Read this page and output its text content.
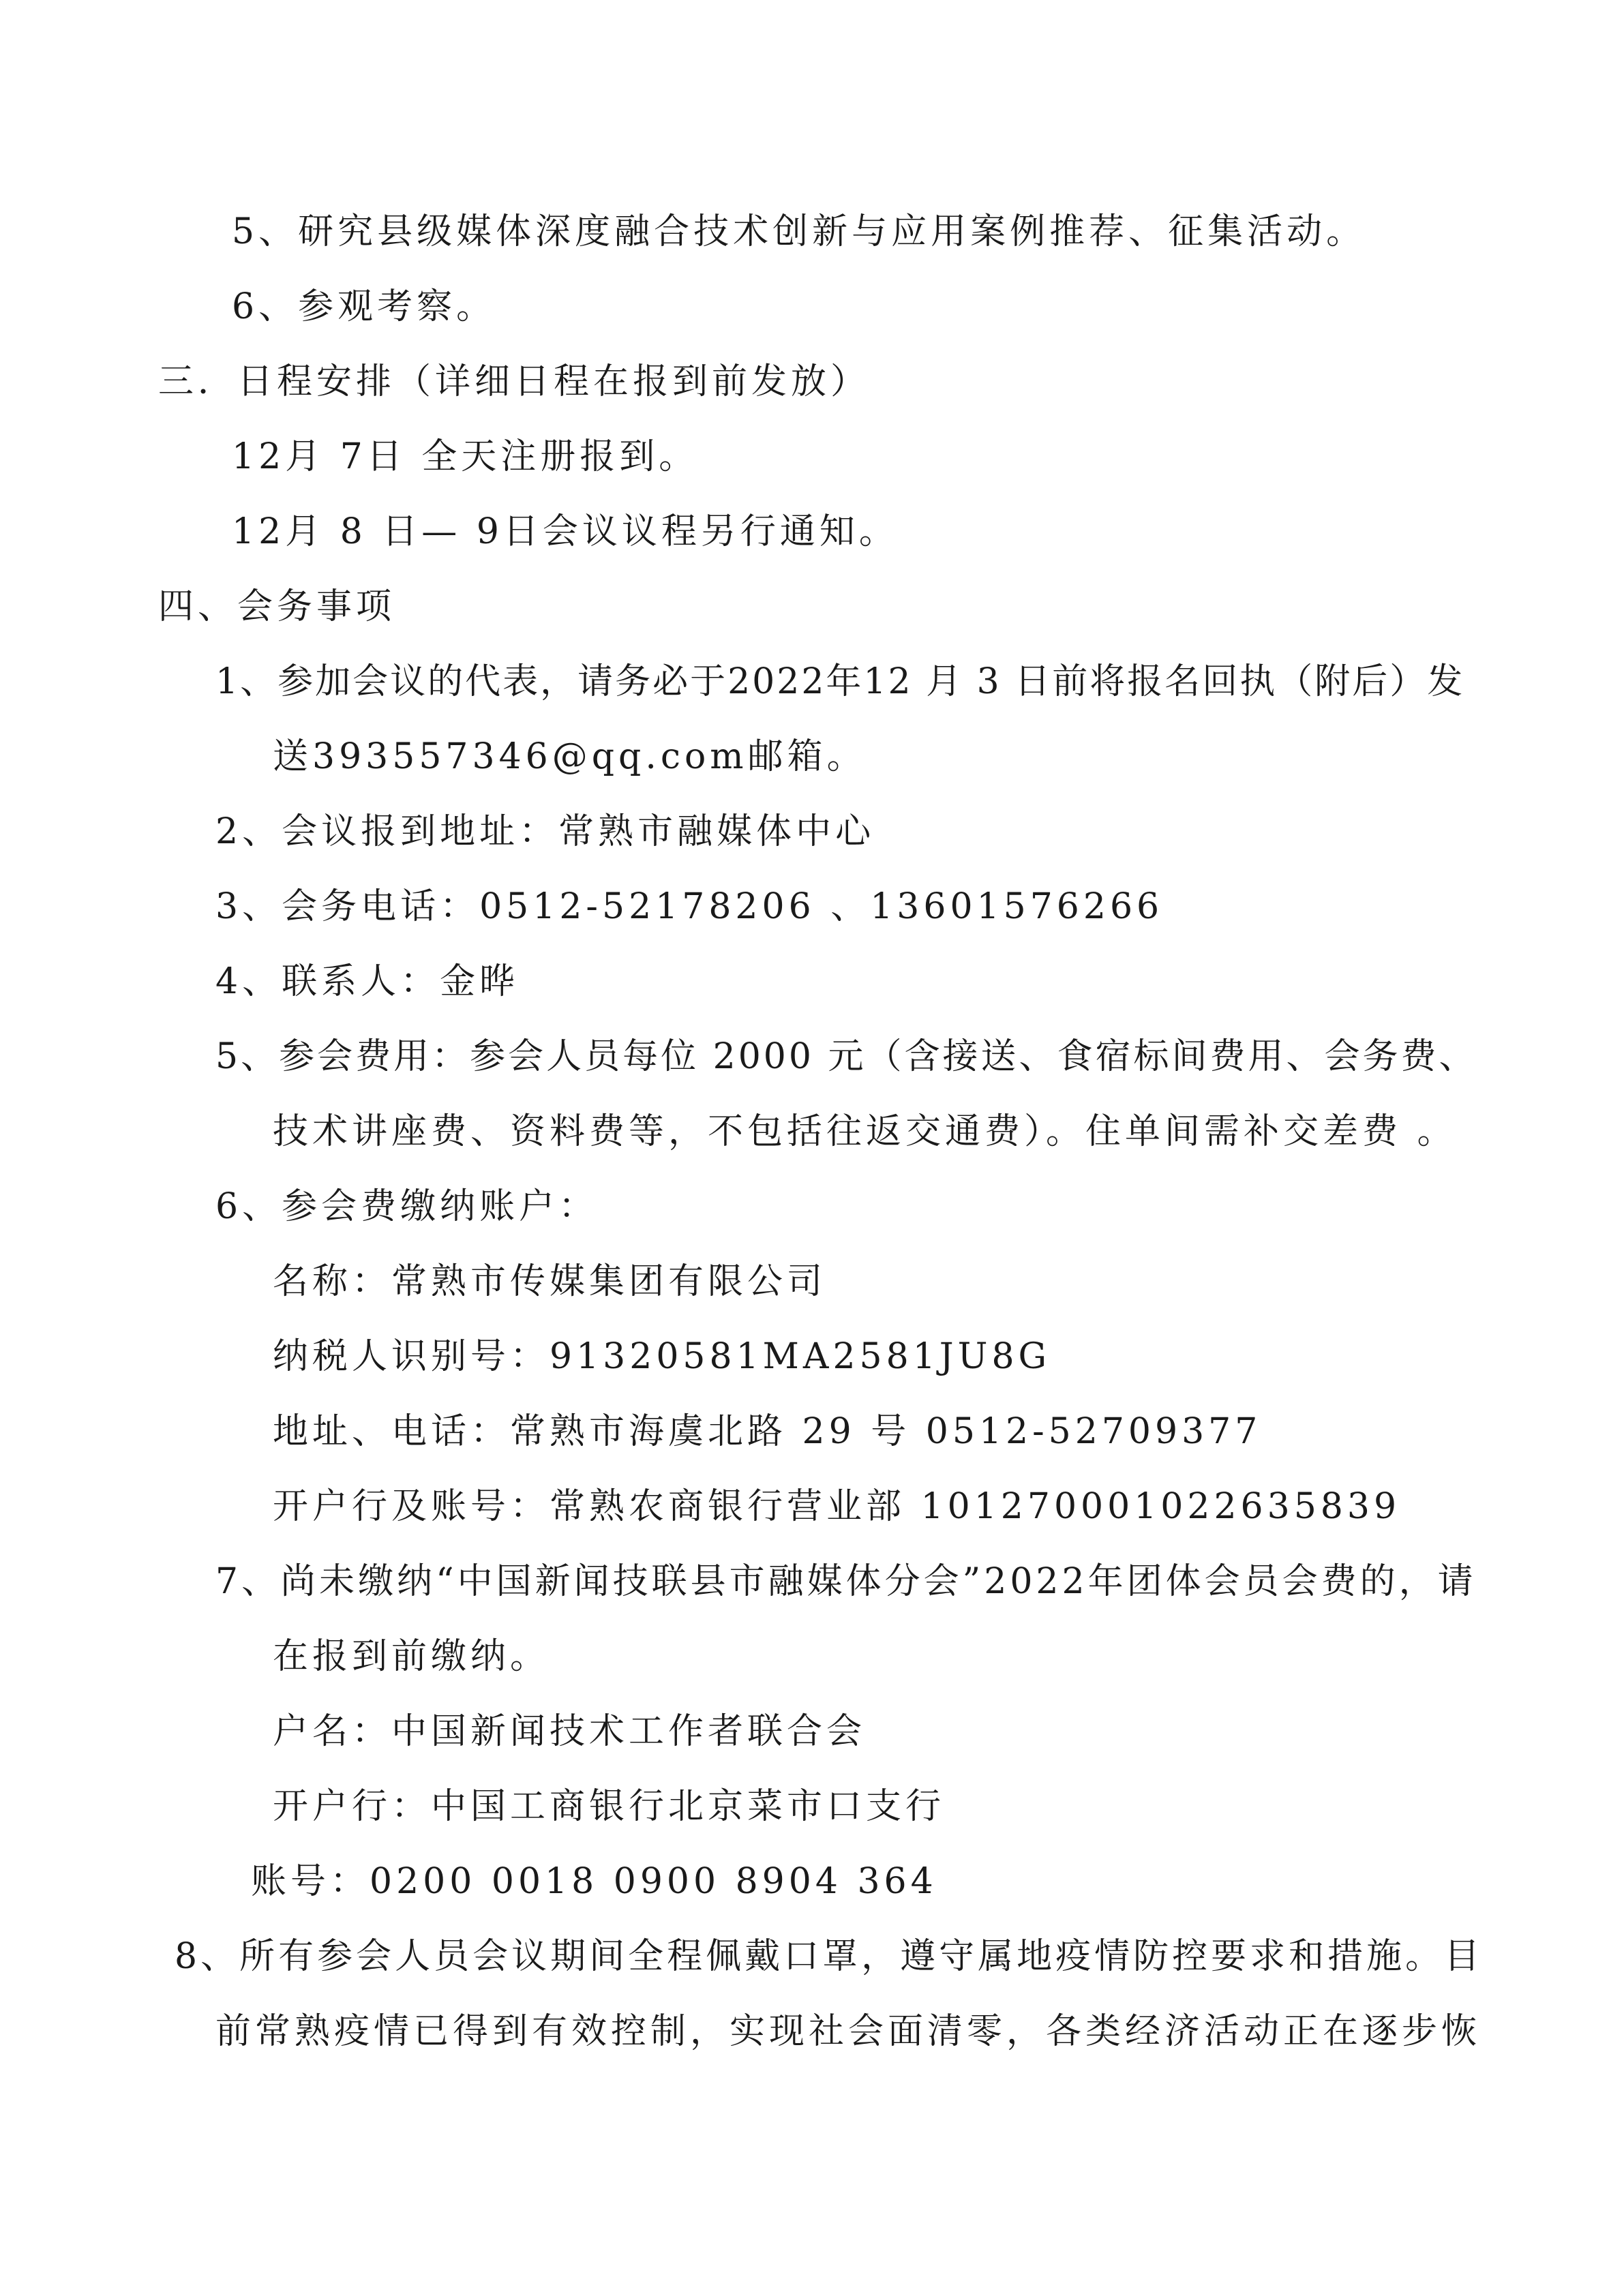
5、研究县级媒体深度融合技术创新与应用案例推荐、征集活动。
6、参观考察。
三．日程安排（详细日程在报到前发放）
12月 7日 全天注册报到。
12月 8 日— 9日会议议程另行通知。
四、会务事项
1、参加会议的代表，请务必于2022年12 月 3 日前将报名回执（附后）发
送393557346@qq.com邮箱。
2、会议报到地址：常熟市融媒体中心
3、会务电话：0512-52178206 、13601576266
4、联系人：金晔
5、参会费用：参会人员每位 2000 元（含接送、食宿标间费用、会务费、
技术讲座费、资料费等，不包括往返交通费）。住单间需补交差费 。
6、参会费缴纳账户：
名称：常熟市传媒集团有限公司
纳税人识别号：91320581MA2581JU8G
地址、电话：常熟市海虞北路 29 号 0512-52709377
开户行及账号：常熟农商银行营业部 101270001022635839
7、尚未缴纳“中国新闻技联县市融媒体分会”2022年团体会员会费的，请
在报到前缴纳。
户名：中国新闻技术工作者联合会
开户行：中国工商银行北京菜市口支行
账号：0200 0018 0900 8904 364
8、所有参会人员会议期间全程佩戴口罩，遵守属地疫情防控要求和措施。目
前常熟疫情已得到有效控制，实现社会面清零，各类经济活动正在逐步恢
